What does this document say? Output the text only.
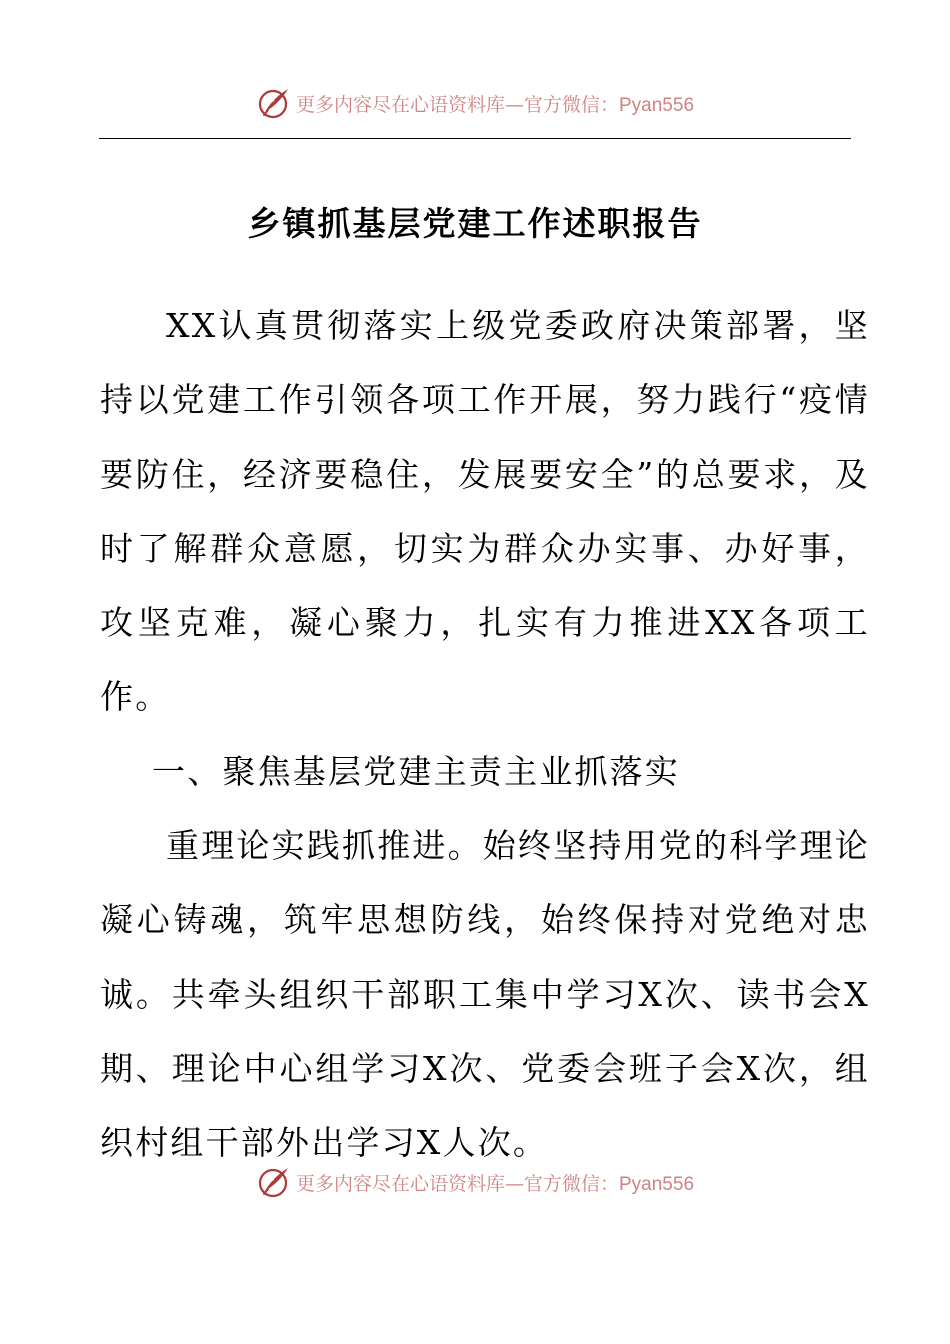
更多内容尽在心语资料库—官方微信：Pyan556
乡镇抓基层党建工作述职报告

XX认真贯彻落实上级党委政府决策部署，坚持以党建工作引领各项工作开展，努力践行“疫情要防住，经济要稳住，发展要安全”的总要求，及时了解群众意愿，切实为群众办实事、办好事，攻坚克难，凝心聚力，扎实有力推进XX各项工作。

一、聚焦基层党建主责主业抓落实

重理论实践抓推进。始终坚持用党的科学理论凝心铸魂，筑牢思想防线，始终保持对党绝对忠诚。共牵头组织干部职工集中学习X次、读书会X期、理论中心组学习X次、党委会班子会X次，组织村组干部外出学习X人次。

更多内容尽在心语资料库—官方微信：Pyan556
